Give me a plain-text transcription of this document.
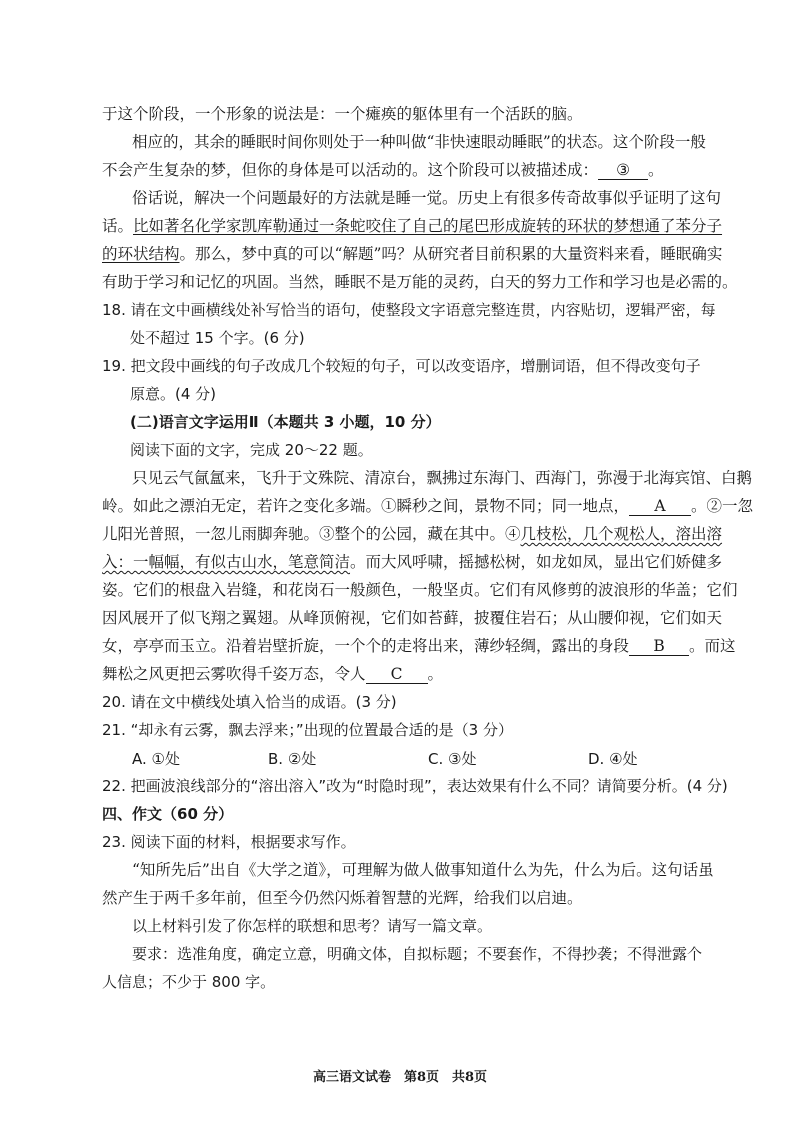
于这个阶段，一个形象的说法是：一个瘫痪的躯体里有一个活跃的脑。
相应的，其余的睡眠时间你则处于一种叫做“非快速眼动睡眠”的状态。这个阶段一般
不会产生复杂的梦，但你的身体是可以活动的。这个阶段可以被描述成： ③ 。
俗话说，解决一个问题最好的方法就是睡一觉。历史上有很多传奇故事似乎证明了这句
话。比如著名化学家凯库勒通过一条蛇咬住了自己的尾巴形成旋转的环状的梦想通了苯分子
的环状结构。那么，梦中真的可以“解题”吗？从研究者目前积累的大量资料来看，睡眠确实
有助于学习和记忆的巩固。当然，睡眠不是万能的灵药，白天的努力工作和学习也是必需的。
18. 请在文中画横线处补写恰当的语句，使整段文字语意完整连贯，内容贴切，逻辑严密，每
处不超过 15 个字。(6 分)
19. 把文段中画线的句子改成几个较短的句子，可以改变语序，增删词语，但不得改变句子
原意。(4 分)
(二)语言文字运用Ⅱ（本题共 3 小题，10 分）
阅读下面的文字，完成 20～22 题。
只见云气氤氲来，飞升于文殊院、清凉台，飘拂过东海门、西海门，弥漫于北海宾馆、白鹅
岭。如此之漂泊无定，若许之变化多端。①瞬秒之间，景物不同；同一地点， A 。②一忽
儿阳光普照，一忽儿雨脚奔驰。③整个的公园，藏在其中。④几枝松，几个观松人，溶出溶
入：一幅幅，有似古山水，笔意简洁。而大风呼啸，摇撼松树，如龙如凤，显出它们娇健多
姿。它们的根盘入岩缝，和花岗石一般颜色，一般坚贞。它们有风修剪的波浪形的华盖；它们
因风展开了似飞翔之翼翅。从峰顶俯视，它们如苔藓，披覆住岩石；从山腰仰视，它们如天
女，亭亭而玉立。沿着岩壁折旋，一个个的走将出来，薄纱轻绸，露出的身段 B 。而这
舞松之风更把云雾吹得千姿万态，令人 C 。
20. 请在文中横线处填入恰当的成语。(3 分)
21. “却永有云雾，飘去浮来；”出现的位置最合适的是（3 分）
A. ①处	B. ②处	C. ③处	D. ④处
22. 把画波浪线部分的“溶出溶入”改为“时隐时现”，表达效果有什么不同？请简要分析。(4 分)
四、作文（60 分）
23. 阅读下面的材料，根据要求写作。
“知所先后”出自《大学之道》，可理解为做人做事知道什么为先，什么为后。这句话虽
然产生于两千多年前，但至今仍然闪烁着智慧的光辉，给我们以启迪。
以上材料引发了你怎样的联想和思考？请写一篇文章。
要求：选准角度，确定立意，明确文体，自拟标题；不要套作，不得抄袭；不得泄露个
人信息；不少于 800 字。
高三语文试卷　第8页　共8页
